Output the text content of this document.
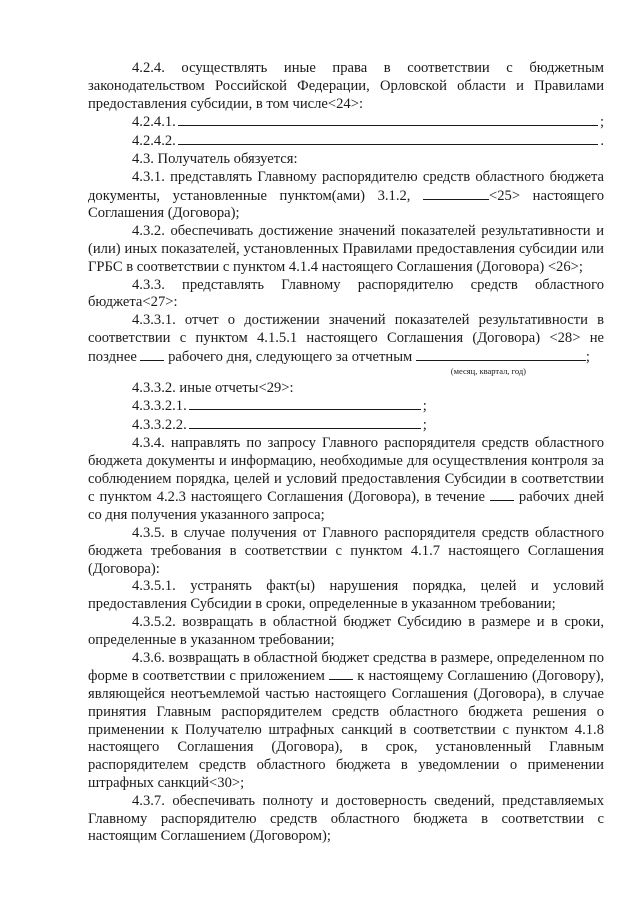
4.2.4. осуществлять иные права в соответствии с бюджетным законодательством Российской Федерации, Орловской области и Правилами предоставления субсидии, в том числе<24>:

4.2.4.1.	;
4.2.4.2.	.

4.3. Получатель обязуется:

4.3.1. представлять Главному распорядителю средств областного бюджета документы, установленные пунктом(ами) 3.1.2,	<25> настоящего Соглашения (Договора);

4.3.2. обеспечивать достижение значений показателей результативности и (или) иных показателей, установленных Правилами предоставления субсидии или ГРБС в соответствии с пунктом 4.1.4 настоящего Соглашения (Договора) <26>;

4.3.3. представлять Главному распорядителю средств областного бюджета<27>:

4.3.3.1. отчет о достижении значений показателей результативности в соответствии с пунктом 4.1.5.1 настоящего Соглашения (Договора) <28> не позднее рабочего дня, следующего за отчетным	;

(месяц, квартал, год)

4.3.3.2. иные отчеты<29>:

4.3.3.2.1.	;
4.3.3.2.2.	;

4.3.4. направлять по запросу Главного распорядителя средств областного бюджета документы и информацию, необходимые для осуществления контроля за соблюдением порядка, целей и условий предоставления Субсидии в соответствии с пунктом 4.2.3 настоящего Соглашения (Договора), в течение рабочих дней со дня получения указанного запроса;

4.3.5. в случае получения от Главного распорядителя средств областного бюджета требования в соответствии с пунктом 4.1.7 настоящего Соглашения (Договора):

4.3.5.1. устранять факт(ы) нарушения порядка, целей и условий предоставления Субсидии в сроки, определенные в указанном требовании;

4.3.5.2. возвращать в областной бюджет Субсидию в размере и в сроки, определенные в указанном требовании;

4.3.6. возвращать в областной бюджет средства в размере, определенном по форме в соответствии с приложением к настоящему Соглашению (Договору), являющейся неотъемлемой частью настоящего Соглашения (Договора), в случае принятия Главным распорядителем средств областного бюджета решения о применении к Получателю штрафных санкций в соответствии с пунктом 4.1.8 настоящего Соглашения (Договора), в срок, установленный Главным распорядителем средств областного бюджета в уведомлении о применении штрафных санкций<30>;

4.3.7. обеспечивать полноту и достоверность сведений, представляемых Главному распорядителю средств областного бюджета в соответствии с настоящим Соглашением (Договором);
